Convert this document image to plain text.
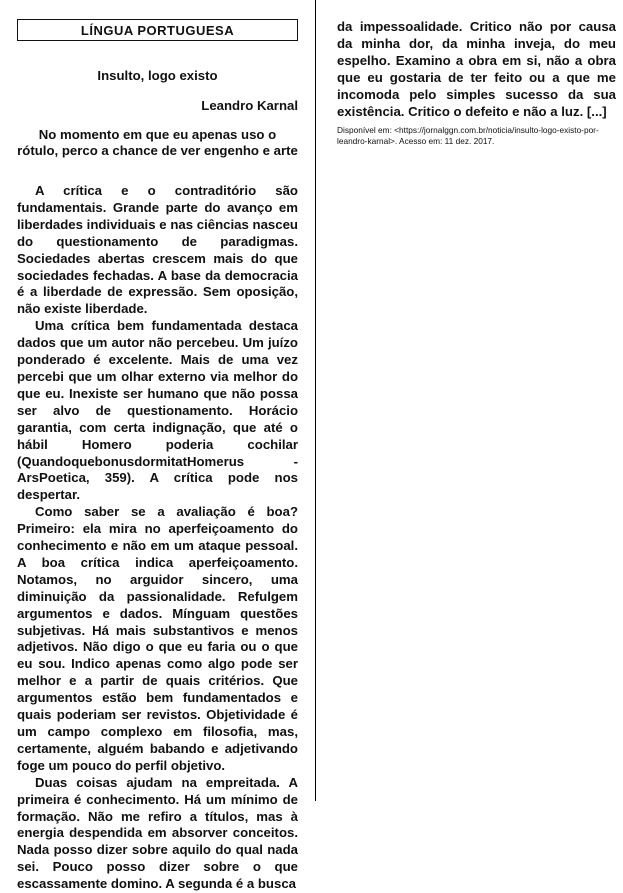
LÍNGUA PORTUGUESA
Insulto, logo existo
Leandro Karnal
No momento em que eu apenas uso o rótulo, perco a chance de ver engenho e arte

A crítica e o contraditório são fundamentais. Grande parte do avanço em liberdades individuais e nas ciências nasceu do questionamento de paradigmas. Sociedades abertas crescem mais do que sociedades fechadas. A base da democracia é a liberdade de expressão. Sem oposição, não existe liberdade.

Uma crítica bem fundamentada destaca dados que um autor não percebeu. Um juízo ponderado é excelente. Mais de uma vez percebi que um olhar externo via melhor do que eu. Inexiste ser humano que não possa ser alvo de questionamento. Horácio garantia, com certa indignação, que até o hábil Homero poderia cochilar (QuandoquebonusdormitatHomerus - ArsPoetica, 359). A crítica pode nos despertar.

Como saber se a avaliação é boa? Primeiro: ela mira no aperfeiçoamento do conhecimento e não em um ataque pessoal. A boa crítica indica aperfeiçoamento. Notamos, no arguidor sincero, uma diminuição da passionalidade. Refulgem argumentos e dados. Mínguam questões subjetivas. Há mais substantivos e menos adjetivos. Não digo o que eu faria ou o que eu sou. Indico apenas como algo pode ser melhor e a partir de quais critérios. Que argumentos estão bem fundamentados e quais poderiam ser revistos. Objetividade é um campo complexo em filosofia, mas, certamente, alguém babando e adjetivando foge um pouco do perfil objetivo.

Duas coisas ajudam na empreitada. A primeira é conhecimento. Há um mínimo de formação. Não me refiro a títulos, mas à energia despendida em absorver conceitos. Nada posso dizer sobre aquilo do qual nada sei. Pouco posso dizer sobre o que escassamente domino. A segunda é a busca

da impessoalidade. Critico não por causa da minha dor, da minha inveja, do meu espelho. Examino a obra em si, não a obra que eu gostaria de ter feito ou a que me incomoda pelo simples sucesso da sua existência. Critico o defeito e não a luz. [...]

Disponível em: <https://jornalggn.com.br/noticia/insulto-logo-existo-por-leandro-karnal>. Acesso em: 11 dez. 2017.
